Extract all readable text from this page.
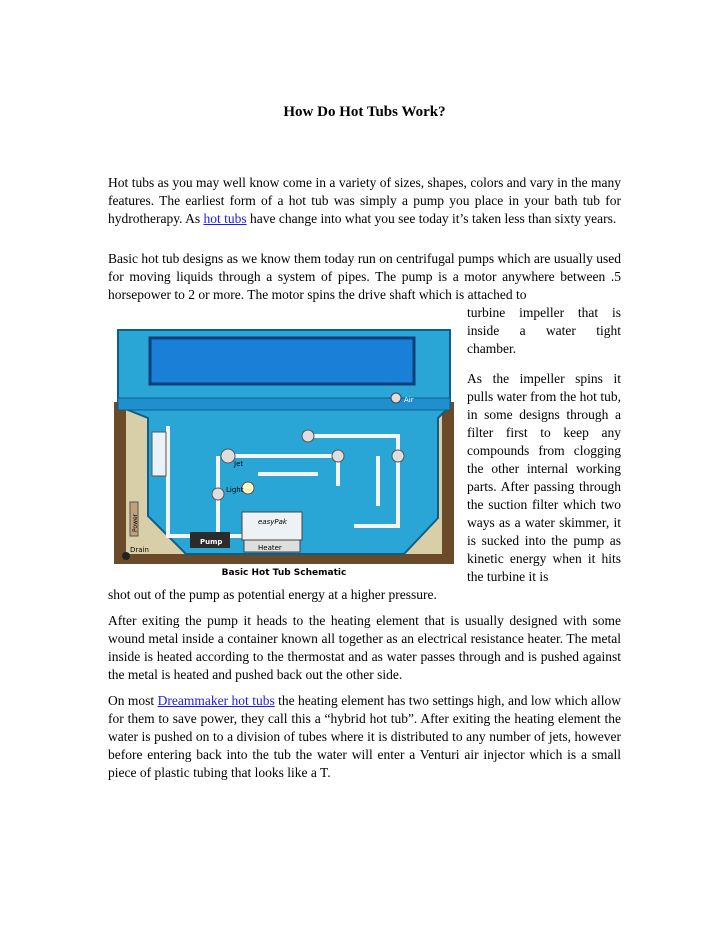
How Do Hot Tubs Work?

Hot tubs as you may well know come in a variety of sizes, shapes, colors and vary in the many features. The earliest form of a hot tub was simply a pump you place in your bath tub for hydrotherapy. As hot tubs have change into what you see today it’s taken less than sixty years.

Basic hot tub designs as we know them today run on centrifugal pumps which are usually used for moving liquids through a system of pipes. The pump is a motor anywhere between .5 horsepower to 2 or more. The motor spins the drive shaft which is attached to

turbine impeller that is inside a water tight chamber.

As the impeller spins it pulls water from the hot tub, in some designs through a filter first to keep any compounds from clogging the other internal working parts. After passing through the suction filter which two ways as a water skimmer, it is sucked into the pump as kinetic energy when it hits the turbine it is

shot out of the pump as potential energy at a higher pressure.

After exiting the pump it heads to the heating element that is usually designed with some wound metal inside a container known all together as an electrical resistance heater. The metal inside is heated according to the thermostat and as water passes through and is pushed against the metal is heated and pushed back out the other side.

On most Dreammaker hot tubs the heating element has two settings high, and low which allow for them to save power, they call this a “hybrid hot tub”. After exiting the heating element the water is pushed on to a division of tubes where it is distributed to any number of jets, however before entering back into the tub the water will enter a Venturi air injector which is a small piece of plastic tubing that looks like a T.

Air
Jet
Light
easyPak
Pump
Heater
Drain
Power
Basic Hot Tub Schematic
